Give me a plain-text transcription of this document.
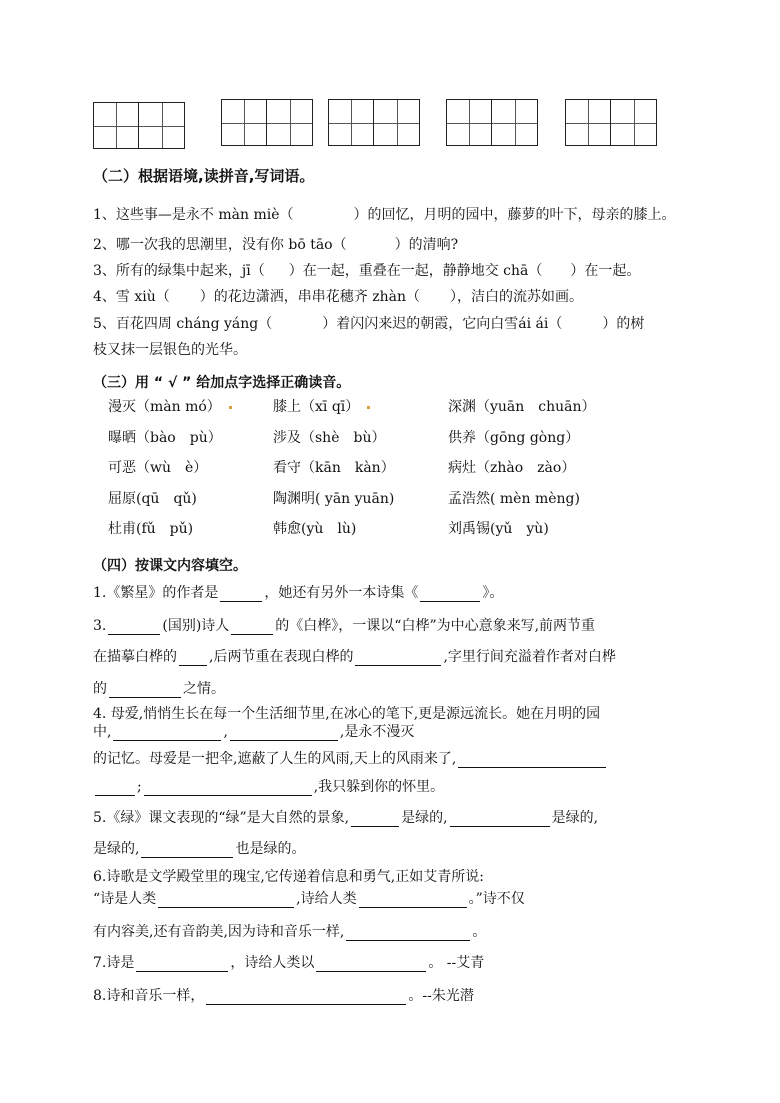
（二）根据语境,读拼音,写词语。
1、这些事—是永不 màn miè（	）的回忆，月明的园中，藤萝的叶下，母亲的膝上。
2、哪一次我的思潮里，没有你 bō tāo（	）的清响?
3、所有的绿集中起来，jī（ ）在一起，重叠在一起，静静地交 chā（ ）在一起。
4、雪 xiù（ ）的花边潇洒，串串花穗齐 zhàn（ ），洁白的流苏如画。
5、百花四周 cháng yáng（	）着闪闪来迟的朝霞，它向白雪ái ái（	）的树
枝又抹一层银色的光华。
（三）用 “ √ ” 给加点字选择正确读音。
漫灭（màn mó）	膝上（xī qī）	深渊（yuān　chuān）
曝晒（bào　pù）	涉及（shè　bù）	供养（gōng gòng）
可恶（wù　è）	看守（kān　kàn）	病灶（zhào　zào）
屈原(qū　qǔ)	陶渊明( yān yuān)	孟浩然( mèn mèng)
杜甫(fǔ　pǔ)	韩愈(yù　lù)	刘禹锡(yǔ　yù)
（四）按课文内容填空。
1.《繁星》的作者是	，她还有另外一本诗集《	》。
3.	(国别)诗人	的《白桦》，一课以“白桦”为中心意象来写,前两节重
在描摹白桦的 ,后两节重在表现白桦的	,字里行间充溢着作者对白桦
的	之情。
4. 母爱,悄悄生长在每一个生活细节里,在冰心的笔下,更是源远流长。她在月明的园
中,	,	,是永不漫灭
的记忆。母爱是一把伞,遮蔽了人生的风雨,天上的风雨来了,
;	,我只躲到你的怀里。
5.《绿》课文表现的“绿”是大自然的景象,	是绿的,	是绿的,
是绿的,	也是绿的。
6.诗歌是文学殿堂里的瑰宝,它传递着信息和勇气,正如艾青所说:
“诗是人类	,诗给人类	。”诗不仅
有内容美,还有音韵美,因为诗和音乐一样,	。
7.诗是	，诗给人类以	。 --艾青
8.诗和音乐一样，	。--朱光潜
